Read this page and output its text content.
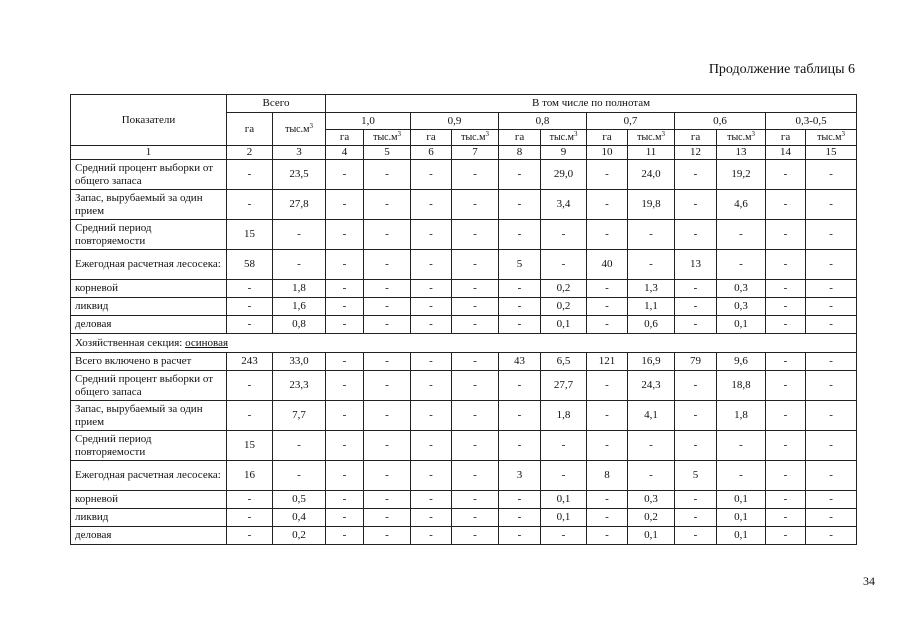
Продолжение таблицы 6
Показатели	Всего		В том числе по полнотам											
	га	$тыс.м^3$	1,0		0,9		0,8		0,7		0,6		0,3-0,5	
			га	$тыс.м^3$	га	$тыс.м^3$	га	$тыс.м^3$	га	$тыс.м^3$	га	$тыс.м^3$	га	$тыс.м^3$
1	2	3	4	5	6	7	8	9	10	11	12	13	14	15
Средний процент выборки от общего запаса	-	23,5	-	-	-	-	-	29,0	-	24,0	-	19,2	-	-
Запас, вырубаемый за один прием	-	27,8	-	-	-	-	-	3,4	-	19,8	-	4,6	-	-
Средний период повторяемости	15	-	-	-	-	-	-	-	-	-	-	-	-	-
Ежегодная расчетная лесосека:	58	-	-	-	-	-	5	-	40	-	13	-	-	-
корневой	-	1,8	-	-	-	-	-	0,2	-	1,3	-	0,3	-	-
ликвид	-	1,6	-	-	-	-	-	0,2	-	1,1	-	0,3	-	-
деловая	-	0,8	-	-	-	-	-	0,1	-	0,6	-	0,1	-	-
Хозяйственная секция: осиновая														
Всего включено в расчет	243	33,0	-	-	-	-	43	6,5	121	16,9	79	9,6	-	-
Средний процент выборки от общего запаса	-	23,3	-	-	-	-	-	27,7	-	24,3	-	18,8	-	-
Запас, вырубаемый за один прием	-	7,7	-	-	-	-	-	1,8	-	4,1	-	1,8	-	-
Средний период повторяемости	15	-	-	-	-	-	-	-	-	-	-	-	-	-
Ежегодная расчетная лесосека:	16	-	-	-	-	-	3	-	8	-	5	-	-	-
корневой	-	0,5	-	-	-	-	-	0,1	-	0,3	-	0,1	-	-
ликвид	-	0,4	-	-	-	-	-	0,1	-	0,2	-	0,1	-	-
деловая	-	0,2	-	-	-	-	-	-	-	0,1	-	0,1	-	-
34
